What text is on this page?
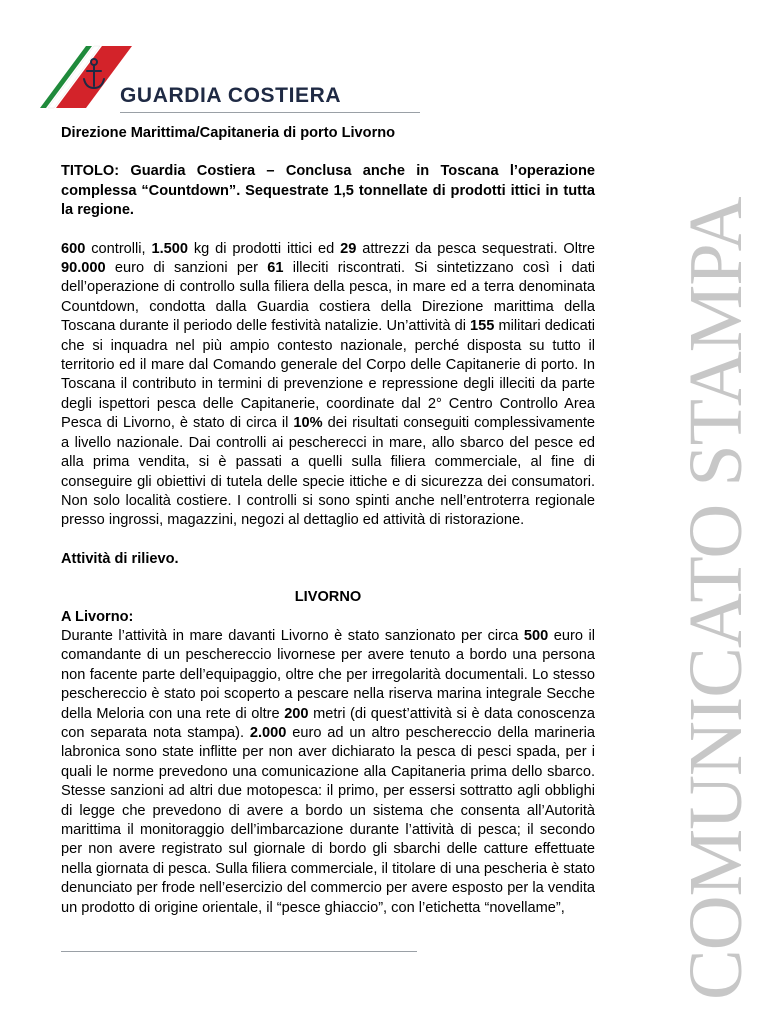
GUARDIA COSTIERA
COMUNICATO STAMPA

Direzione Marittima/Capitaneria di porto Livorno

TITOLO: Guardia Costiera – Conclusa anche in Toscana l’operazione complessa “Countdown”. Sequestrate 1,5 tonnellate di prodotti ittici in tutta la regione.

600 controlli, 1.500 kg di prodotti ittici ed 29 attrezzi da pesca sequestrati. Oltre 90.000 euro di sanzioni per 61 illeciti riscontrati. Si sintetizzano così i dati dell’operazione di controllo sulla filiera della pesca, in mare ed a terra denominata Countdown, condotta dalla Guardia costiera della Direzione marittima della Toscana durante il periodo delle festività natalizie. Un’attività di 155 militari dedicati che si inquadra nel più ampio contesto nazionale, perché disposta su tutto il territorio ed il mare dal Comando generale del Corpo delle Capitanerie di porto. In Toscana il contributo in termini di prevenzione e repressione degli illeciti da parte degli ispettori pesca delle Capitanerie, coordinate dal 2° Centro Controllo Area Pesca di Livorno, è stato di circa il 10% dei risultati conseguiti complessivamente a livello nazionale. Dai controlli ai pescherecci in mare, allo sbarco del pesce ed alla prima vendita, si è passati a quelli sulla filiera commerciale, al fine di conseguire gli obiettivi di tutela delle specie ittiche e di sicurezza dei consumatori. Non solo località costiere. I controlli si sono spinti anche nell’entroterra regionale presso ingrossi, magazzini, negozi al dettaglio ed attività di ristorazione.

Attività di rilievo.

LIVORNO

A Livorno:

Durante l’attività in mare davanti Livorno è stato sanzionato per circa 500 euro il comandante di un peschereccio livornese per avere tenuto a bordo una persona non facente parte dell’equipaggio, oltre che per irregolarità documentali. Lo stesso peschereccio è stato poi scoperto a pescare nella riserva marina integrale Secche della Meloria con una rete di oltre 200 metri (di quest’attività si è data conoscenza con separata nota stampa). 2.000 euro ad un altro peschereccio della marineria labronica sono state inflitte per non aver dichiarato la pesca di pesci spada, per i quali le norme prevedono una comunicazione alla Capitaneria prima dello sbarco. Stesse sanzioni ad altri due motopesca: il primo, per essersi sottratto agli obblighi di legge che prevedono di avere a bordo un sistema che consenta all’Autorità marittima il monitoraggio dell’imbarcazione durante l’attività di pesca; il secondo per non avere registrato sul giornale di bordo gli sbarchi delle catture effettuate nella giornata di pesca. Sulla filiera commerciale, il titolare di una pescheria è stato denunciato per frode nell’esercizio del commercio per avere esposto per la vendita un prodotto di origine orientale, il “pesce ghiaccio”, con l’etichetta “novellame”,
